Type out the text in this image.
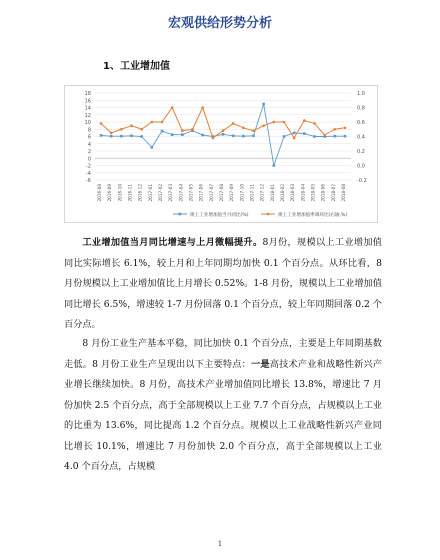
宏观供给形势分析
1、工业增加值
18
16
14
12
10
8
6
4
2
0
-2
-4
-6
1.0
0.8
0.6
0.4
0.2
0.0
-0.2
2016-08 2016-09 2016-10 2016-11 2016-12 2017-01 2017-02 2017-03 2017-04 2017-05 2017-06 2017-07 2017-08 2017-09 2017-10 2017-11 2017-12 2018-01 2018-02 2018-03 2018-04 2018-05 2018-06 2018-07 2018-08
规上工业增加值当月同比(%)	规上工业增加值季调环比(右轴,%)

工业增加值当月同比增速与上月微幅提升。8月份，规模以上工业增加值同比实际增长 6.1%，较上月和上年同期均加快 0.1 个百分点。从环比看，8 月份规模以上工业增加值比上月增长 0.52%。1-8 月份，规模以上工业增加值同比增长 6.5%，增速较 1-7 月份回落 0.1 个百分点，较上年同期回落 0.2 个百分点。

8 月份工业生产基本平稳，同比加快 0.1 个百分点，主要是上年同期基数走低。8 月份工业生产呈现出以下主要特点：一是高技术产业和战略性新兴产业增长继续加快。8 月份，高技术产业增加值同比增长 13.8%，增速比 7 月份加快 2.5 个百分点，高于全部规模以上工业 7.7 个百分点，占规模以上工业的比重为 13.6%，同比提高 1.2 个百分点。规模以上工业战略性新兴产业同比增长 10.1%，增速比 7 月份加快 2.0 个百分点，高于全部规模以上工业 4.0 个百分点，占规模

1
